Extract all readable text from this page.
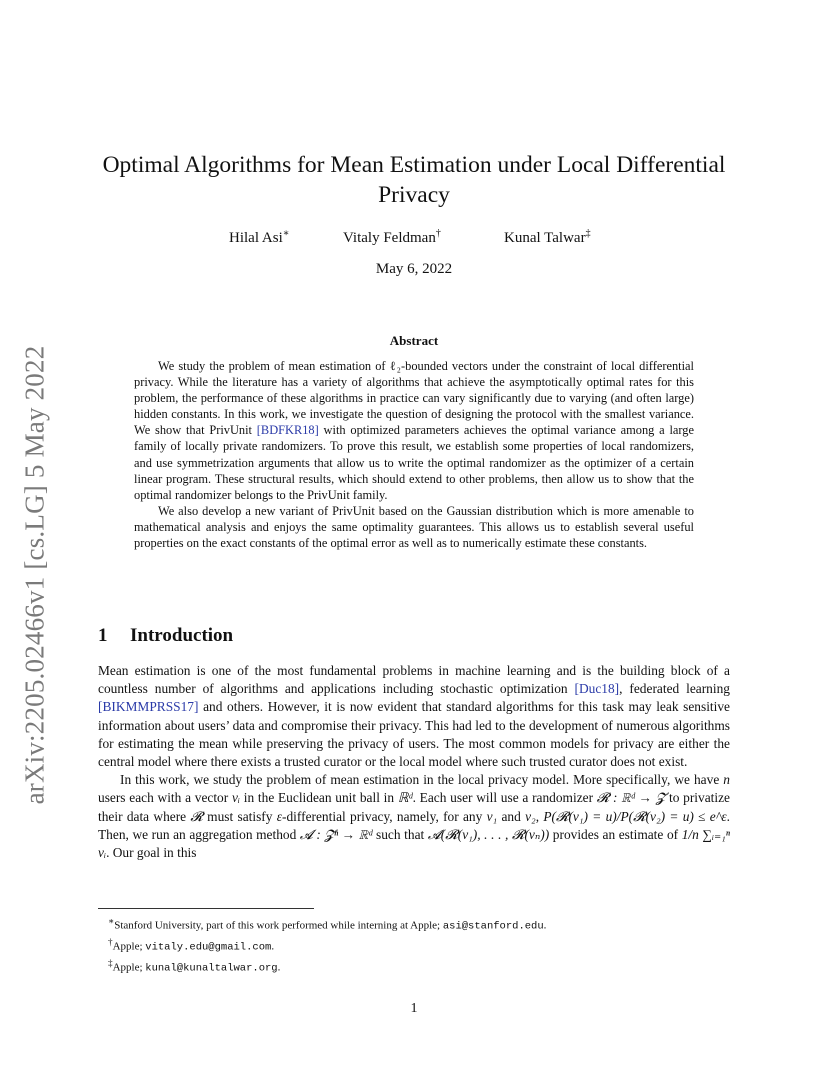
arXiv:2205.02466v1 [cs.LG] 5 May 2022
Optimal Algorithms for Mean Estimation under Local Differential Privacy
Hilal Asi∗	Vitaly Feldman†	Kunal Talwar‡
May 6, 2022
Abstract

We study the problem of mean estimation of ℓ₂-bounded vectors under the constraint of local differential privacy. While the literature has a variety of algorithms that achieve the asymptotically optimal rates for this problem, the performance of these algorithms in practice can vary significantly due to varying (and often large) hidden constants. In this work, we investigate the question of designing the protocol with the smallest variance. We show that PrivUnit [BDFKR18] with optimized parameters achieves the optimal variance among a large family of locally private randomizers. To prove this result, we establish some properties of local randomizers, and use symmetrization arguments that allow us to write the optimal randomizer as the optimizer of a certain linear program. These structural results, which should extend to other problems, then allow us to show that the optimal randomizer belongs to the PrivUnit family.

We also develop a new variant of PrivUnit based on the Gaussian distribution which is more amenable to mathematical analysis and enjoys the same optimality guarantees. This allows us to establish several useful properties on the exact constants of the optimal error as well as to numerically estimate these constants.

1 Introduction

Mean estimation is one of the most fundamental problems in machine learning and is the building block of a countless number of algorithms and applications including stochastic optimization [Duc18], federated learning [BIKMMPRSS17] and others. However, it is now evident that standard algorithms for this task may leak sensitive information about users’ data and compromise their privacy. This had led to the development of numerous algorithms for estimating the mean while preserving the privacy of users. The most common models for privacy are either the central model where there exists a trusted curator or the local model where such trusted curator does not exist.

In this work, we study the problem of mean estimation in the local privacy model. More specifically, we have n users each with a vector vᵢ in the Euclidean unit ball in ℝᵈ. Each user will use a randomizer 𝓡 : ℝᵈ → 𝓩 to privatize their data where 𝓡 must satisfy ε-differential privacy, namely, for any v₁ and v₂, P(𝓡(v₁) = u)/P(𝓡(v₂) = u) ≤ e^ε. Then, we run an aggregation method 𝓐 : 𝓩ⁿ → ℝᵈ such that 𝓐(𝓡(v₁), . . . , 𝓡(vₙ)) provides an estimate of 1/n ∑ᵢ₌₁ⁿ vᵢ. Our goal in this

∗Stanford University, part of this work performed while interning at Apple; asi@stanford.edu.
†Apple; vitaly.edu@gmail.com.
‡Apple; kunal@kunaltalwar.org.
1
